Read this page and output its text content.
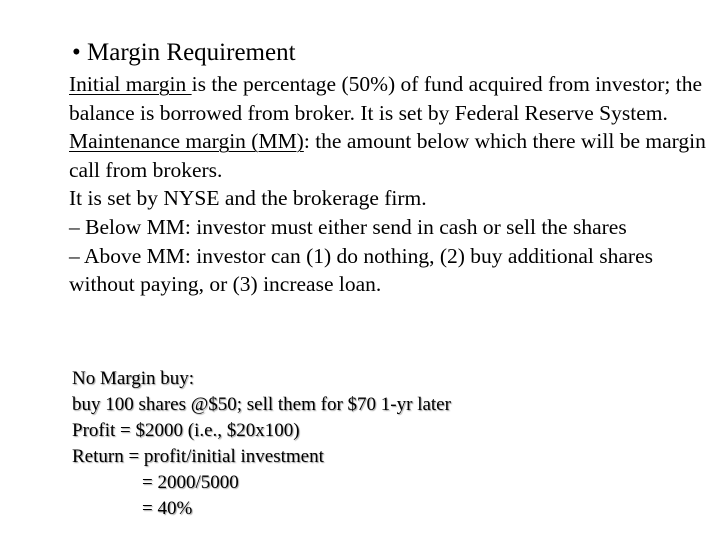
• Margin Requirement

Initial margin is the percentage (50%) of fund acquired from investor; the balance is borrowed from broker. It is set by Federal Reserve System.

Maintenance margin (MM): the amount below which there will be margin call from brokers.

It is set by NYSE and the brokerage firm.

– Below MM: investor must either send in cash or sell the shares

– Above MM: investor can (1) do nothing, (2) buy additional shares without paying, or (3) increase loan.

No Margin buy:
buy 100 shares @$50; sell them for $70 1-yr later
Profit = $2000 (i.e., $20x100)
Return = profit/initial investment
= 2000/5000
= 40%
